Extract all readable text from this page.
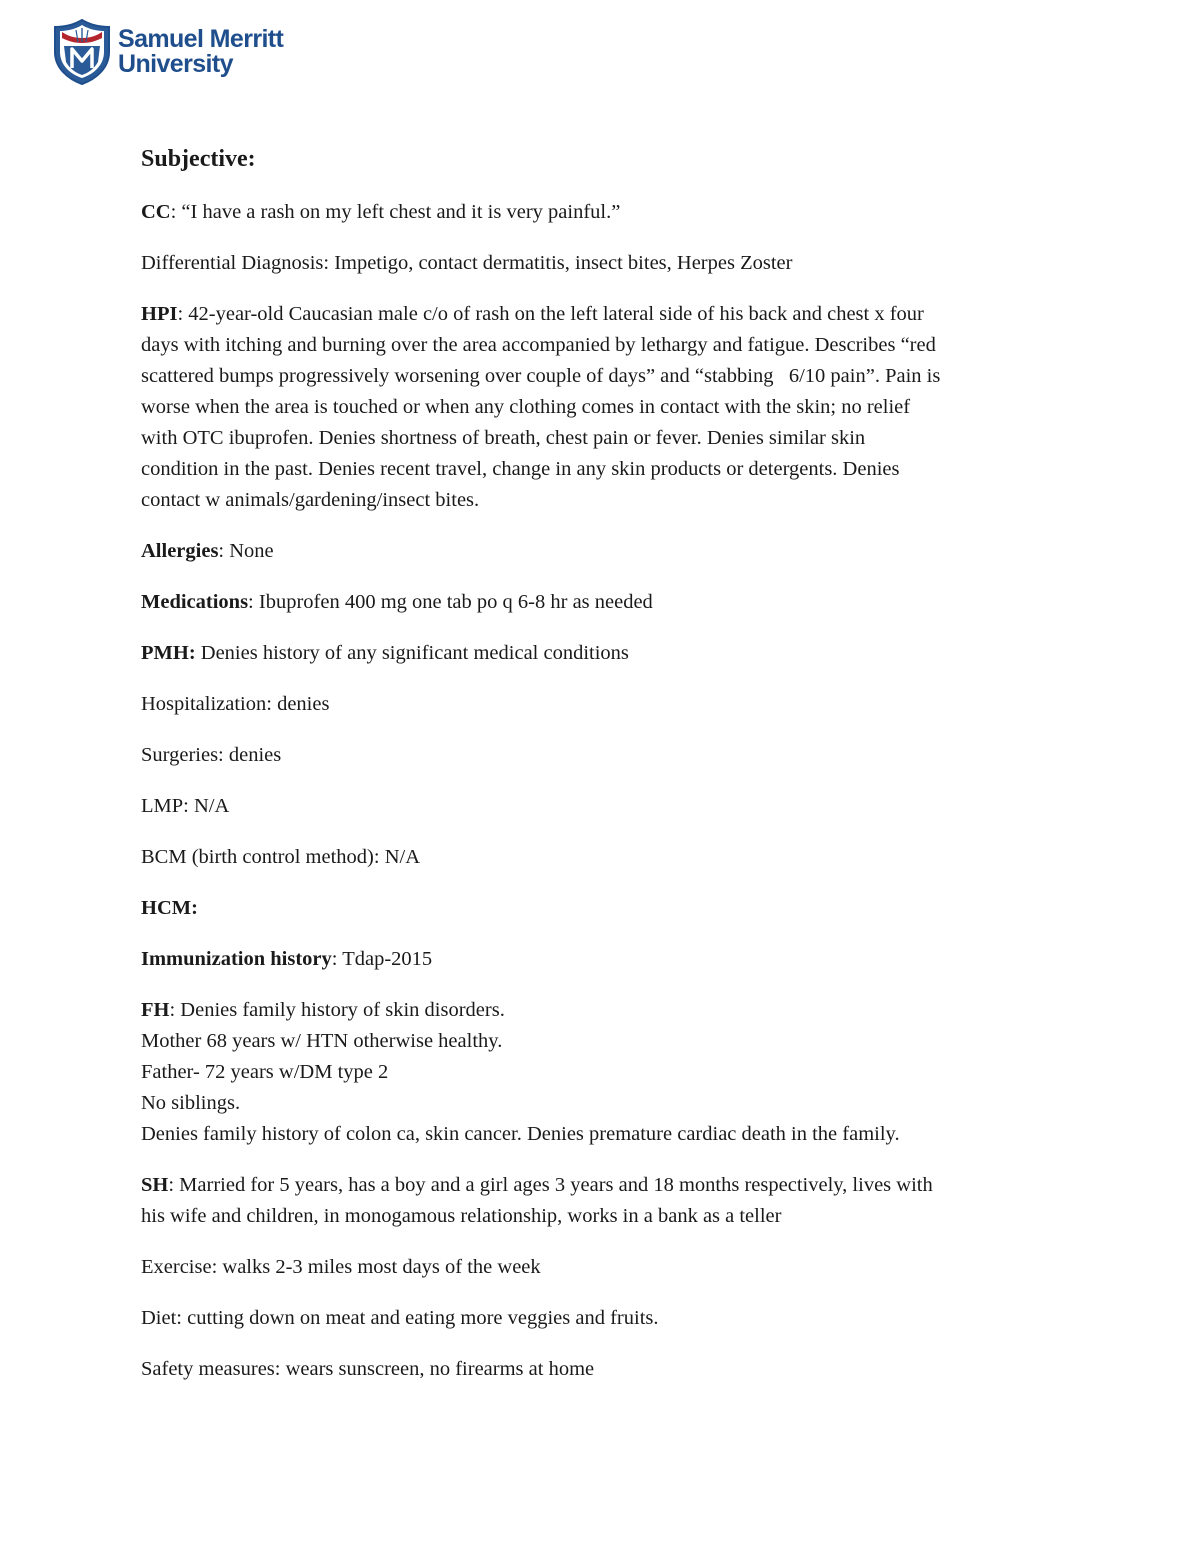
Samuel Merritt
University
Subjective:
CC: “I have a rash on my left chest and it is very painful.”
Differential Diagnosis: Impetigo, contact dermatitis, insect bites, Herpes Zoster
HPI: 42-year-old Caucasian male c/o of rash on the left lateral side of his back and chest x four
days with itching and burning over the area accompanied by lethargy and fatigue. Describes “red
scattered bumps progressively worsening over couple of days” and “stabbing   6/10 pain”. Pain is
worse when the area is touched or when any clothing comes in contact with the skin; no relief
with OTC ibuprofen. Denies shortness of breath, chest pain or fever. Denies similar skin
condition in the past. Denies recent travel, change in any skin products or detergents. Denies
contact w animals/gardening/insect bites.
Allergies: None
Medications: Ibuprofen 400 mg one tab po q 6-8 hr as needed
PMH: Denies history of any significant medical conditions
Hospitalization: denies
Surgeries: denies
LMP: N/A
BCM (birth control method): N/A
HCM:
Immunization history: Tdap-2015
FH: Denies family history of skin disorders.
Mother 68 years w/ HTN otherwise healthy.
Father- 72 years w/DM type 2
No siblings.
Denies family history of colon ca, skin cancer. Denies premature cardiac death in the family.
SH: Married for 5 years, has a boy and a girl ages 3 years and 18 months respectively, lives with
his wife and children, in monogamous relationship, works in a bank as a teller
Exercise: walks 2-3 miles most days of the week
Diet: cutting down on meat and eating more veggies and fruits.
Safety measures: wears sunscreen, no firearms at home
